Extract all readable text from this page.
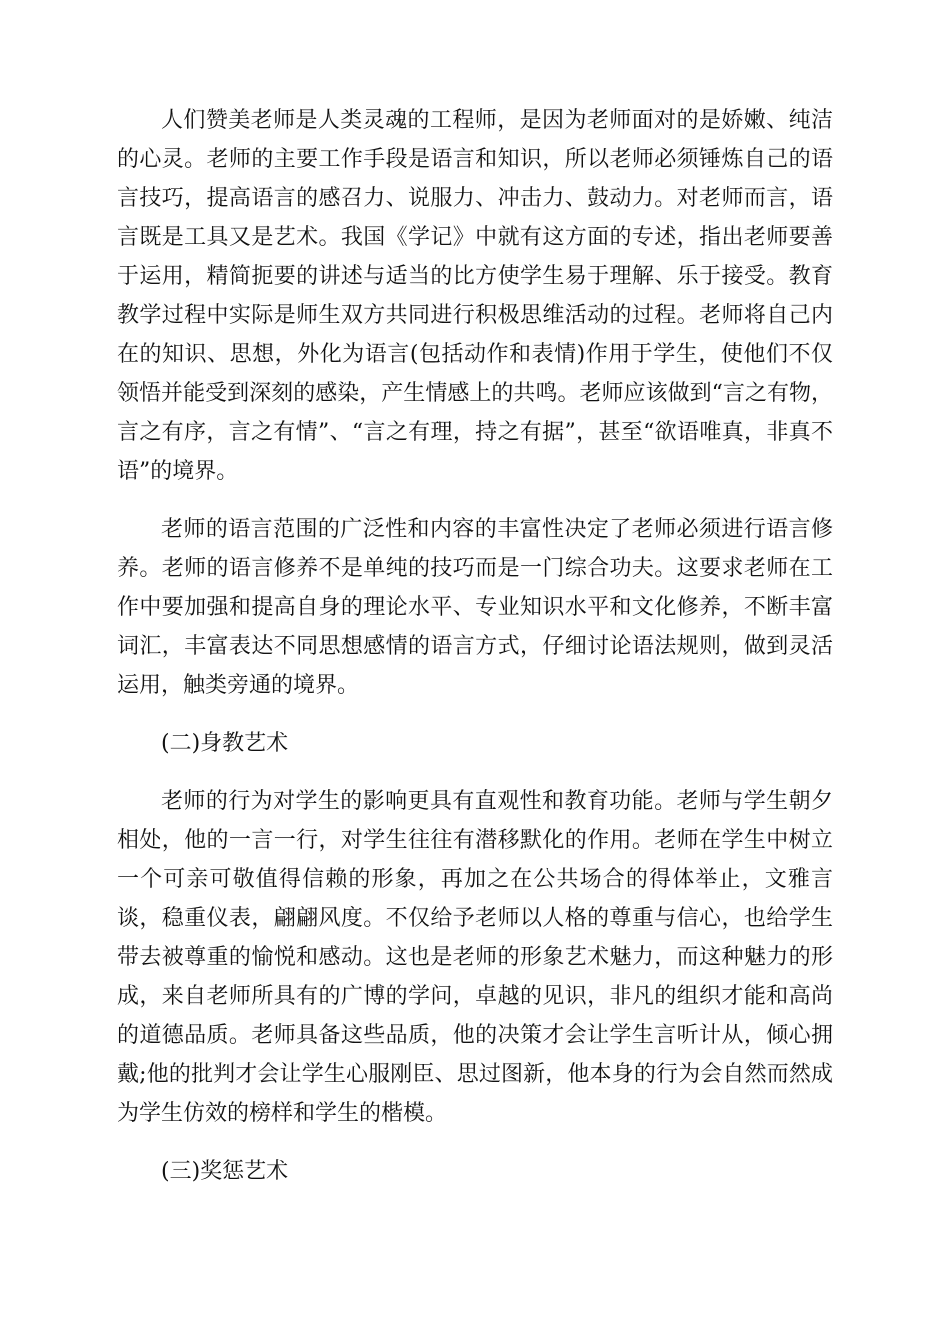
人们赞美老师是人类灵魂的工程师，是因为老师面对的是娇嫩、纯洁的心灵。老师的主要工作手段是语言和知识，所以老师必须锤炼自己的语言技巧，提高语言的感召力、说服力、冲击力、鼓动力。对老师而言，语言既是工具又是艺术。我国《学记》中就有这方面的专述，指出老师要善于运用，精简扼要的讲述与适当的比方使学生易于理解、乐于接受。教育教学过程中实际是师生双方共同进行积极思维活动的过程。老师将自己内在的知识、思想，外化为语言(包括动作和表情)作用于学生，使他们不仅领悟并能受到深刻的感染，产生情感上的共鸣。老师应该做到“言之有物，言之有序，言之有情”、“言之有理，持之有据”，甚至“欲语唯真，非真不语”的境界。

老师的语言范围的广泛性和内容的丰富性决定了老师必须进行语言修养。老师的语言修养不是单纯的技巧而是一门综合功夫。这要求老师在工作中要加强和提高自身的理论水平、专业知识水平和文化修养，不断丰富词汇，丰富表达不同思想感情的语言方式，仔细讨论语法规则，做到灵活运用，触类旁通的境界。

(二)身教艺术

老师的行为对学生的影响更具有直观性和教育功能。老师与学生朝夕相处，他的一言一行，对学生往往有潜移默化的作用。老师在学生中树立一个可亲可敬值得信赖的形象，再加之在公共场合的得体举止，文雅言谈，稳重仪表，翩翩风度。不仅给予老师以人格的尊重与信心，也给学生带去被尊重的愉悦和感动。这也是老师的形象艺术魅力，而这种魅力的形成，来自老师所具有的广博的学问，卓越的见识，非凡的组织才能和高尚的道德品质。老师具备这些品质，他的决策才会让学生言听计从，倾心拥戴;他的批判才会让学生心服刚臣、思过图新，他本身的行为会自然而然成为学生仿效的榜样和学生的楷模。

(三)奖惩艺术
